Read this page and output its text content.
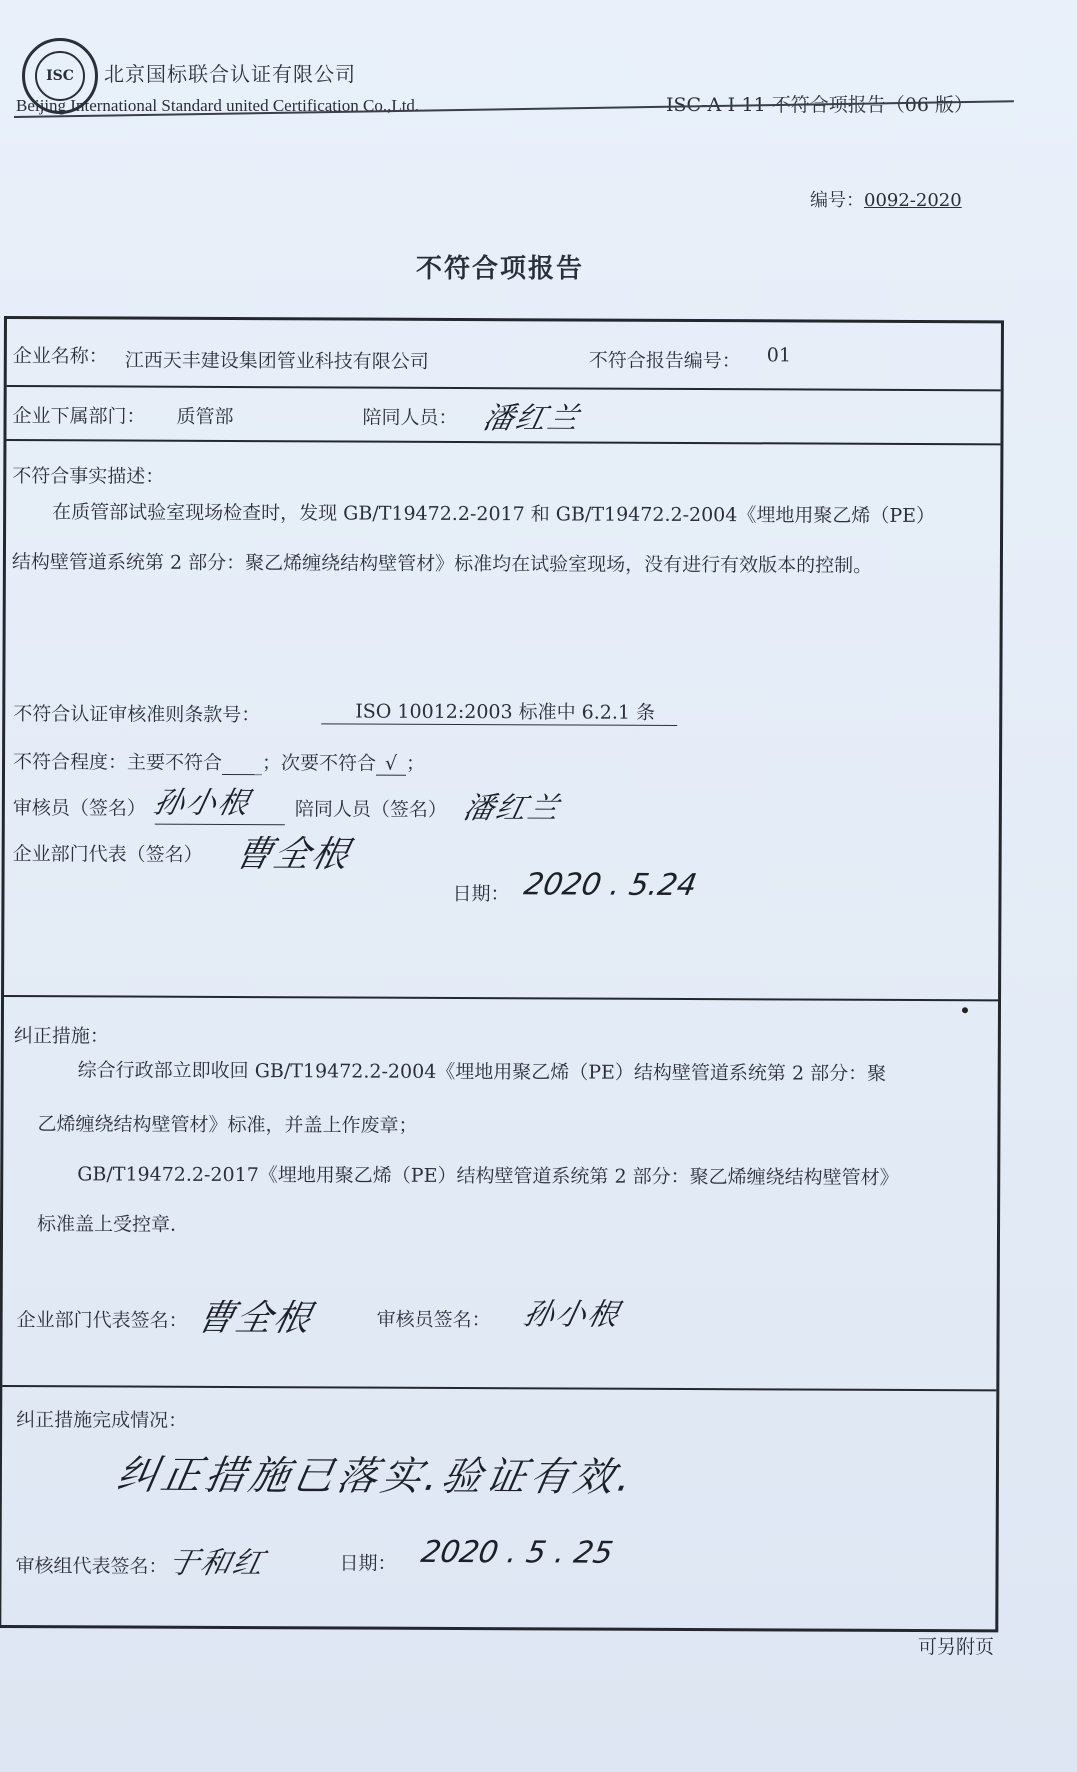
ISC	北京国标联合认证有限公司
Beijing International Standard united Certification Co.,Ltd.	ISC-A-I-11 不符合项报告（06 版）
编号：0092-2020
不符合项报告
企业名称： 江西天丰建设集团管业科技有限公司	不符合报告编号： 01
企业下属部门： 质管部	陪同人员： 潘红兰
不符合事实描述：
在质管部试验室现场检查时，发现 GB/T19472.2-2017 和 GB/T19472.2-2004《埋地用聚乙烯（PE）
结构壁管道系统第 2 部分：聚乙烯缠绕结构壁管材》标准均在试验室现场，没有进行有效版本的控制。
不符合认证审核准则条款号：	ISO 10012:2003 标准中 6.2.1 条
不符合程度：主要不符合 ；次要不符合 √ ；
审核员（签名） 孙小根 陪同人员（签名） 潘红兰
企业部门代表（签名） 曹全根
日期： 2020 . 5.24
纠正措施：
综合行政部立即收回 GB/T19472.2-2004《埋地用聚乙烯（PE）结构壁管道系统第 2 部分：聚
乙烯缠绕结构壁管材》标准，并盖上作废章；
GB/T19472.2-2017《埋地用聚乙烯（PE）结构壁管道系统第 2 部分：聚乙烯缠绕结构壁管材》
标准盖上受控章.
企业部门代表签名： 曹全根	审核员签名： 孙小根
纠正措施完成情况：
纠正措施已落实.验证有效.
审核组代表签名：
于和红	日期： 2020 . 5 . 25
可另附页
